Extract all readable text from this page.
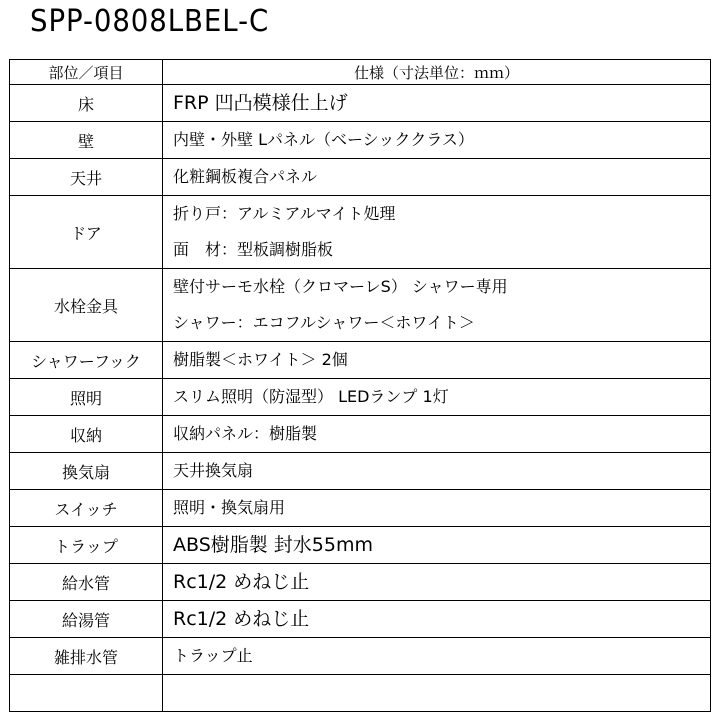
SPP-0808LBEL-C
部位／項目	仕様（寸法単位：ｍｍ）
床	FRP 凹凸模様仕上げ

壁	内壁・外壁 Lパネル（ベーシッククラス）

天井	化粧鋼板複合パネル

ドア	折り戸：アルミアルマイト処理
面　材：型板調樹脂板

水栓金具	壁付サーモ水栓（クロマーレS） シャワー専用
シャワー：エコフルシャワー＜ホワイト＞

シャワーフック	樹脂製＜ホワイト＞ 2個

照明	スリム照明（防湿型） LEDランプ 1灯

収納	収納パネル：樹脂製

換気扇	天井換気扇

スイッチ	照明・換気扇用

トラップ	ABS樹脂製 封水55mm

給水管	Rc1/2 めねじ止

給湯管	Rc1/2 めねじ止

雑排水管	トラップ止
